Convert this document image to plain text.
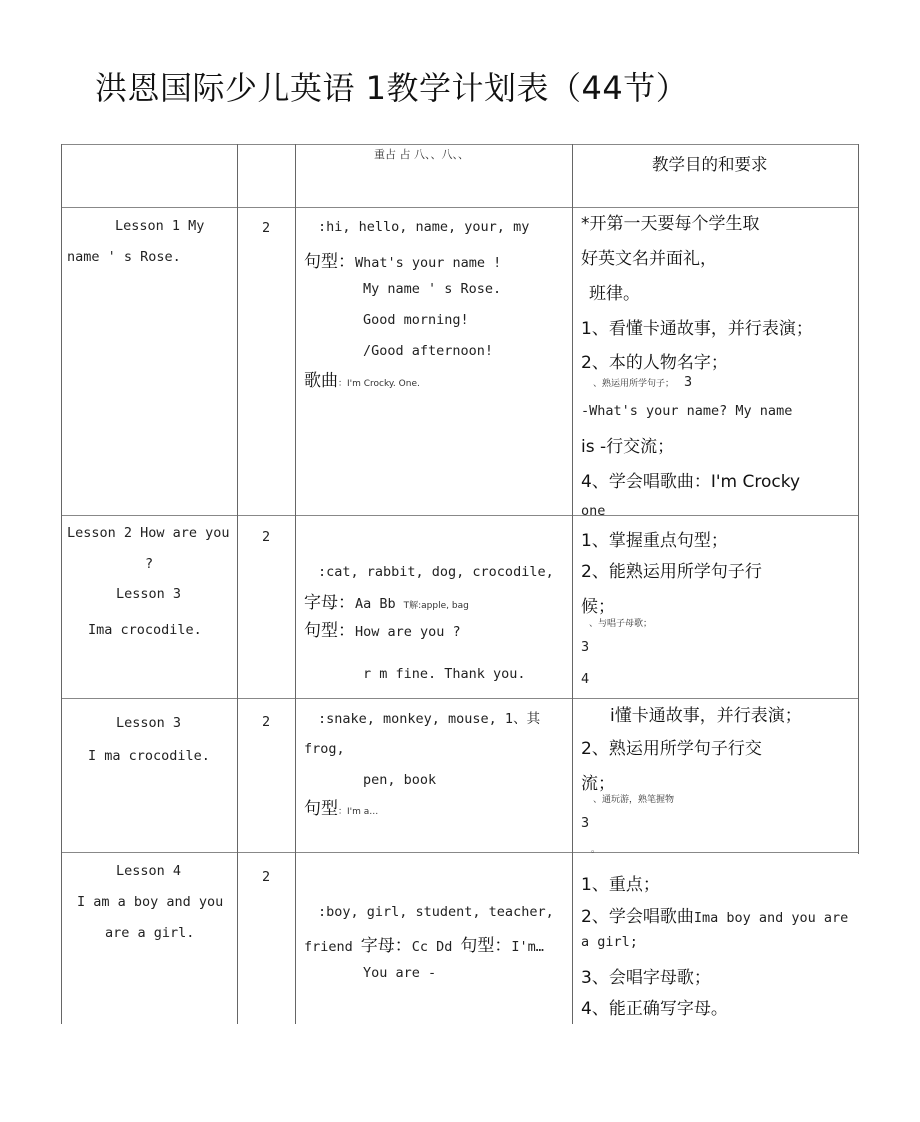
洪恩国际少儿英语 1教学计划表（44节）
重占 占 八、、八、、
教学目的和要求
Lesson 1 My
name ' s Rose.
2	:hi, hello, name, your, my
句型：What's your name !
My name ' s Rose.
Good morning!
/Good afternoon!
歌曲：I'm Crocky. One.
*开第一天要每个学生取
好英文名并面礼，
班律。
1、看懂卡通故事，并行表演；
2、本的人物名字；
、熟运用所学句子； 3
-What's your name? My name
is -行交流；
4、学会唱歌曲：I'm Crocky
one
Lesson 2 How are you
?
Lesson 3
Ima crocodile.
2
:cat, rabbit, dog, crocodile,
字母：Aa Bb T解:apple, bag
句型：How are you ?
r m fine. Thank you.
1、掌握重点句型；
2、能熟运用所学句子行
候；
、与唱子母歌；
3
4
Lesson 3
I ma crocodile.
2	:snake, monkey, mouse, 1、其
frog,
pen, book
句型：I'm a…
i懂卡通故事，并行表演；
2、熟运用所学句子行交
流；
、通玩游，熟笔握物
3
。
Lesson 4
I am a boy and you
are a girl.
2
:boy, girl, student, teacher,
friend 字母：Cc Dd 句型：I'm…
You are -
1、重点；
2、学会唱歌曲Ima boy and you are
a girl;
3、会唱字母歌；
4、能正确写字母。
